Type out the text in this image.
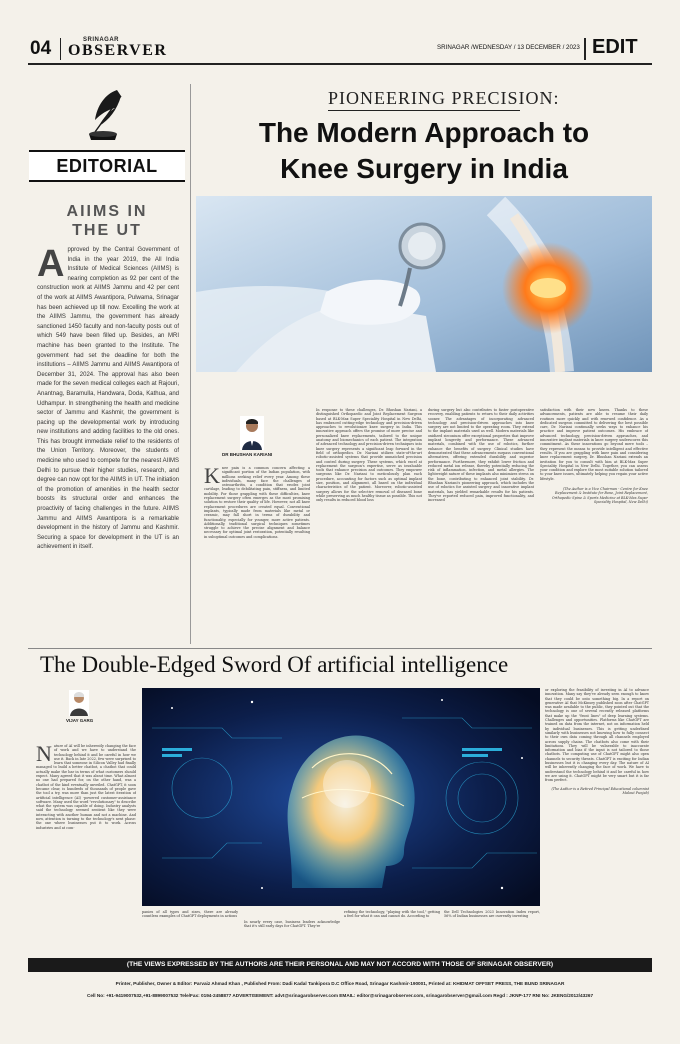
04	SRINAGAR
OBSERVER	SRINAGAR /WEDNESDAY / 13 DECEMBER / 2023 EDIT
EDITORIAL
AIIMS IN THE UT
Approved by the Central Government of India in the year 2019, the All India Institute of Medical Sciences (AIIMS) is nearing completion as 92 per cent of the construction work at AIIMS Jammu and 42 per cent of the work at AIIMS Awantipora, Pulwama, Srinagar has been achieved up till now. Excelling the work at the AIIMS Jammu, the government has already sanctioned 1450 faculty and non-faculty posts out of which 549 have been filled up. Besides, an MRI machine has been granted to the Institute. The government had set the deadline for both the institutions – AIIMS Jammu and AIIMS Awantipora of December 31, 2024. The approval has also been made for the seven medical colleges each at Rajouri, Anantnag, Baramulla, Handwara, Doda, Kathua, and Udhampur. In strengthening the health and medicine sector of Jammu and Kashmir, the government is pacing up the developmental work by introducing new institutions and adding facilities to the old ones. This has brought immediate relief to the residents of the Union Territory. Moreover, the students of medicine who used to compete for the nearest AIIMS Delhi to pursue their higher studies, research, and degree can now opt for the AIIMS in UT. The initiation of the promotion of amenities in the health sector boosts its structural order and enhances the proactivity of facing challenges in the future. AIIMS Jammu and AIIMS Awantipora is a remarkable development in the history of Jammu and Kashmir. Securing a space for development in the UT is an achievement in itself.
PIONEERING PRECISION:
The Modern Approach to
Knee Surgery in India
DR BHUSHAN KARIANI
K nee pain is a common concern affecting a significant portion of the Indian population, with millions seeking relief every year. Among these individuals, many face the challenges of osteoarthritis, a condition that erodes joint cartilage, leading to debilitating pain, stiffness, and limited mobility. For those grappling with these difficulties, knee replacement surgery often emerges as the most promising solution to restore their quality of life. However, not all knee replacement procedures are created equal. Conventional implants, typically made from materials like metal or ceramic, may fall short in terms of durability and functionality, especially for younger, more active patients. Additionally, traditional surgical techniques sometimes struggle to achieve the precise alignment and balance necessary for optimal joint restoration, potentially resulting in suboptimal outcomes and complications.
In response to these challenges, Dr. Bhushan Nariani, a distinguished Orthopaedic and Joint Replacement Surgeon based at BLK-Max Super Speciality Hospital in New Delhi, has embraced cutting-edge technology and precision-driven approaches to revolutionize knee surgery in India. This innovative approach offers the promise of more precise and personalized knee replacements, tailored to the unique anatomy and biomechanics of each patient. The integration of advanced technology and precision-driven techniques into knee surgery represents a significant leap forward in the field of orthopedics. Dr. Nariani utilizes state-of-the-art robotic-assisted systems that provide unmatched precision and control during surgery. These systems, which excel at replacement the surgeon's expertise, serve as invaluable tools that enhance precision and outcomes. They empower surgeons like Dr. Nariani to meticulously plan each procedure, accounting for factors such as optimal implant size, position, and alignment, all based on the individual characteristics of the patient. Moreover, robotic-assisted surgery allows for the selective removal of diseased bone while preserving as much healthy tissue as possible. This not only results in reduced blood loss
during surgery but also contributes to faster postoperative recovery, enabling patients to return to their daily activities sooner. The advantages of incorporating advanced technology and precision-driven approaches into knee surgery are not limited to the operating room. They extend to the implant materials used as well. Modern materials like oxidized zirconium offer exceptional properties that improve implant longevity and performance. These advanced materials, combined with the use of robotics, further enhance the benefits of surgery. Clinical studies have demonstrated that these advancements surpass conventional alternatives, offering extended durability and superior performance. Furthermore, they exhibit lower friction and reduced metal ion release, thereby potentially reducing the risk of inflammation, infection, and metal allergies. The lightweight nature of these implants also minimizes stress on the bone, contributing to enhanced joint stability. Dr. Bhushan Nariani's pioneering approach, which includes the use of robotics for assisted surgery and innovative implant materials, has yielded remarkable results for his patients. They've reported reduced pain, improved functionality, and increased
satisfaction with their new knees. Thanks to these advancements, patients are able to resume their daily routines more quickly and with renewed confidence. As a dedicated surgeon committed to delivering the best possible care, Dr. Nariani continually seeks ways to enhance his practice and improve patient outcomes. His embrace of advanced technology, precision-driven approaches, and innovative implant materials in knee surgery underscores this commitment. As these innovations go beyond mere tools – they represent the means to provide intelligent and effective results. If you are grappling with knee pain and considering knee replacement surgery, Dr. Bhushan Nariani extends an invitation for you to consult with him at BLK-Max Super Speciality Hospital in New Delhi. Together, you can assess your condition and explore the most suitable solution tailored to your knee issues, ultimately helping you regain your active lifestyle.
(The Author is a Vice Chairman - Centre for Knee Replacement & Institute for Bone, Joint Replacement, Orthopedic Spine & Sports Medicine at BLK-Max Super Speciality Hospital, New Delhi)
The Double-Edged Sword Of artificial intelligence
VIJAY GARG
N ature of AI will be inherently changing the face of work and we have to understand the technology behind it and be careful in how we use it. Back in late 2022, few were surprised to learn that someone in Silicon Valley had finally managed to build a better chatbot, a chatbot that could actually make the bar in terms of what customers should expect. Many agreed that it was about time. What almost no one had prepared for, on the other hand, was a chatbot of the kind eventually unveiled. ChatGPT, it soon became clear, is hundreds of thousands of people gave the tool a try, was more than just the latest iteration of artificial intelligence (AI) -powered customer-assistance software. Many used the word "revolutionary" to describe what the system was capable of doing. Industry analysts said the technology seemed sentient like they were interacting with another human and not a machine. And now, attention is turning to the technology's next phase: the one where businesses put it to work. Across industries and at com-
panies of all types and sizes, there are already countless examples of ChatGPT deployments in actions
In nearly every case, business leaders acknowledge that it's still early days for ChatGPT. They're
refining the technology, "playing with the tool," getting a feel for what it can and cannot do. According to
the Dell Technologies 2023 Innovation Index report, 56% of Indian businesses are currently investing
or exploring the feasibility of investing in AI to advance innovation. Many say they've already seen enough to know that they could be onto something big. In a report on generative AI that McKinsey published soon after ChatGPT was made available to the public, they pointed out that the technology is one of several recently released platforms that make up the "front lines" of deep learning systems. Challenges and opportunities. Platforms like ChatGPT are trained on data from the internet, not on information held by individual businesses. This is getting underlined similarly with businesses not knowing how to fully connect to their own data coming through all channels employed across supply chains. The chatbots also come with their limitations. They will be vulnerable to inaccurate information and bias if the input is not tailored to those chatbots. The computing use of ChatGPT might also open channels to security threats. ChatGPT is exciting for Indian businesses but it is changing every day. The nature of AI will be inherently changing the face of work. We have to understand the technology behind it and be careful in how we are using it. ChatGPT might be very smart but it is far from perfect.
(The Author is a Retired Principal Educational columnist Malout Punjab)
(THE VIEWS EXPRESSED BY THE AUTHORS ARE THEIR PERSONAL AND MAY NOT ACCORD WITH THOSE OF SRINAGAR OBSERVER)
Printer, Publisher, Owner & Editor: Parvaiz Ahmad Khan , Published From: Dadi Kadal Tankipora D.C Office Road, Srinagar Kashmir-190001, Printed at: KHIDMAT OFFSET PRESS, THE BUND SRINAGAR
Cell No: +91-9419007532,+91-8899007532 Tele/Fax: 0194-2458877 ADVERTISEMENT: advt@srinagarobserver.com EMAIL: editor@srinagarobserver.com, srinagarobserver@gmail.com Regd : JKNP-177 RNI No: JKENG/2012/43267
